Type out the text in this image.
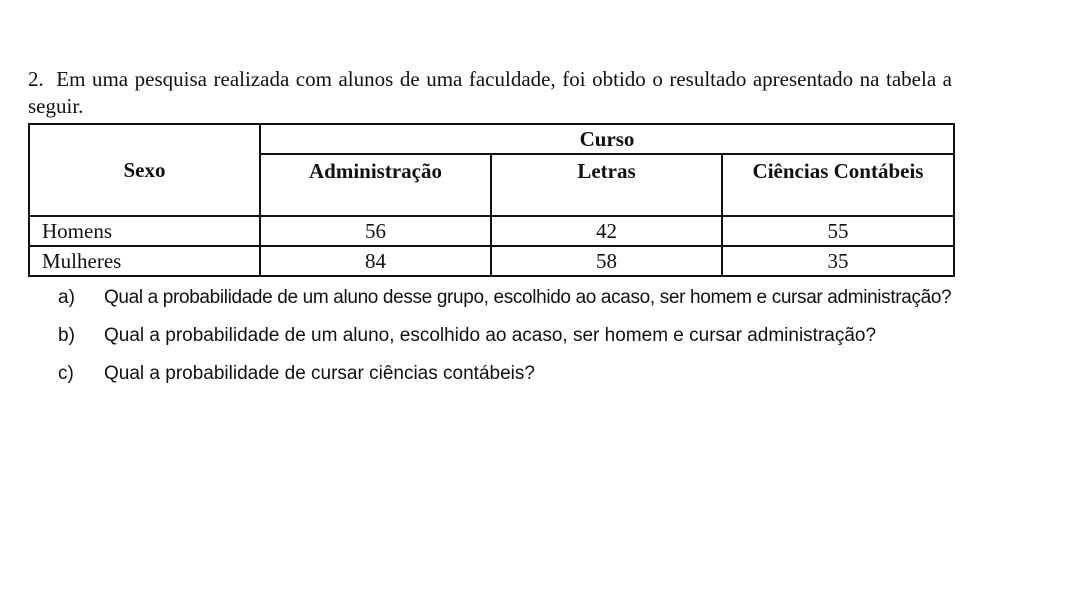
2. Em uma pesquisa realizada com alunos de uma faculdade, foi obtido o resultado apresentado na tabela a seguir.
Sexo	Curso		
	Administração	Letras	Ciências Contábeis
Homens	56	42	55
Mulheres	84	58	35
a)	Qual a probabilidade de um aluno desse grupo, escolhido ao acaso, ser homem e cursar administração?
b)	Qual a probabilidade de um aluno, escolhido ao acaso, ser homem e cursar administração?
c)	Qual a probabilidade de cursar ciências contábeis?
